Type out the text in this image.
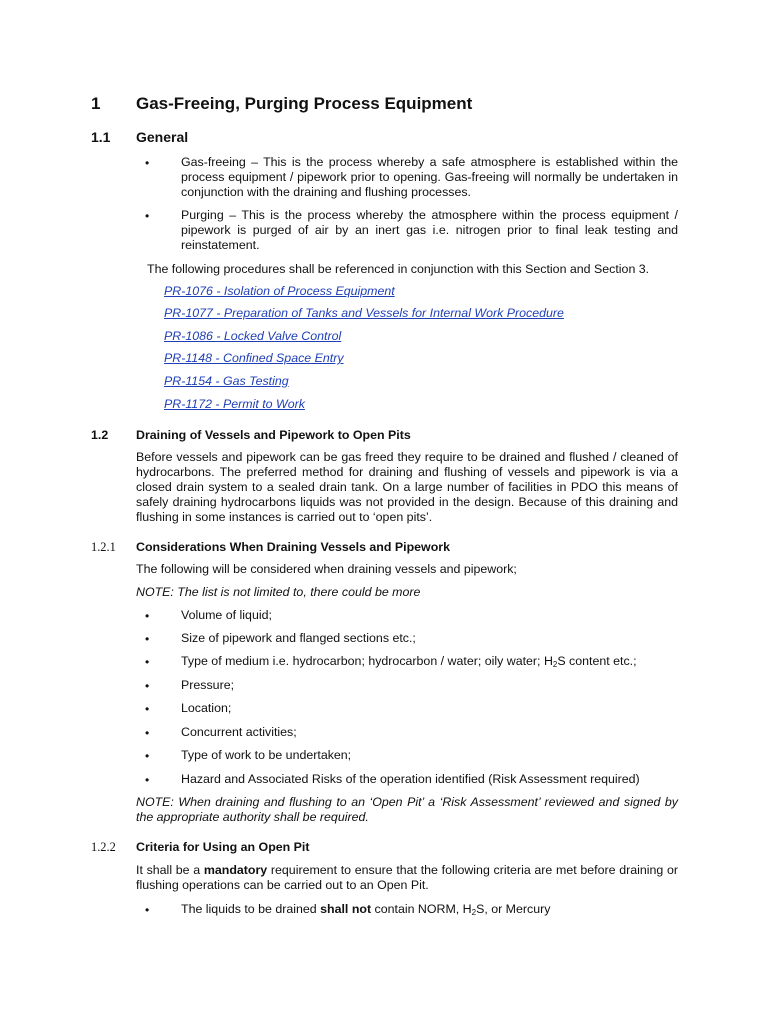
1 Gas-Freeing, Purging Process Equipment
1.1 General
•	Gas-freeing – This is the process whereby a safe atmosphere is established within the process equipment / pipework prior to opening. Gas-freeing will normally be undertaken in conjunction with the draining and flushing processes.
•	Purging – This is the process whereby the atmosphere within the process equipment / pipework is purged of air by an inert gas i.e. nitrogen prior to final leak testing and reinstatement.
The following procedures shall be referenced in conjunction with this Section and Section 3.
PR-1076 - Isolation of Process Equipment
PR-1077 - Preparation of Tanks and Vessels for Internal Work Procedure
PR-1086 - Locked Valve Control
PR-1148 - Confined Space Entry
PR-1154 - Gas Testing
PR-1172 - Permit to Work
1.2 Draining of Vessels and Pipework to Open Pits
Before vessels and pipework can be gas freed they require to be drained and flushed / cleaned of hydrocarbons. The preferred method for draining and flushing of vessels and pipework is via a closed drain system to a sealed drain tank. On a large number of facilities in PDO this means of safely draining hydrocarbons liquids was not provided in the design. Because of this draining and flushing in some instances is carried out to ‘open pits’.
1.2.1 Considerations When Draining Vessels and Pipework
The following will be considered when draining vessels and pipework;
NOTE: The list is not limited to, there could be more
•	Volume of liquid;
•	Size of pipework and flanged sections etc.;
•	Type of medium i.e. hydrocarbon; hydrocarbon / water; oily water; $H_2S$ content etc.;
•	Pressure;
•	Location;
•	Concurrent activities;
•	Type of work to be undertaken;
•	Hazard and Associated Risks of the operation identified (Risk Assessment required)
NOTE: When draining and flushing to an ‘Open Pit’ a ‘Risk Assessment’ reviewed and signed by the appropriate authority shall be required.
1.2.2 Criteria for Using an Open Pit
It shall be a mandatory requirement to ensure that the following criteria are met before draining or flushing operations can be carried out to an Open Pit.
•	The liquids to be drained shall not contain NORM, $H_2S$, or Mercury
